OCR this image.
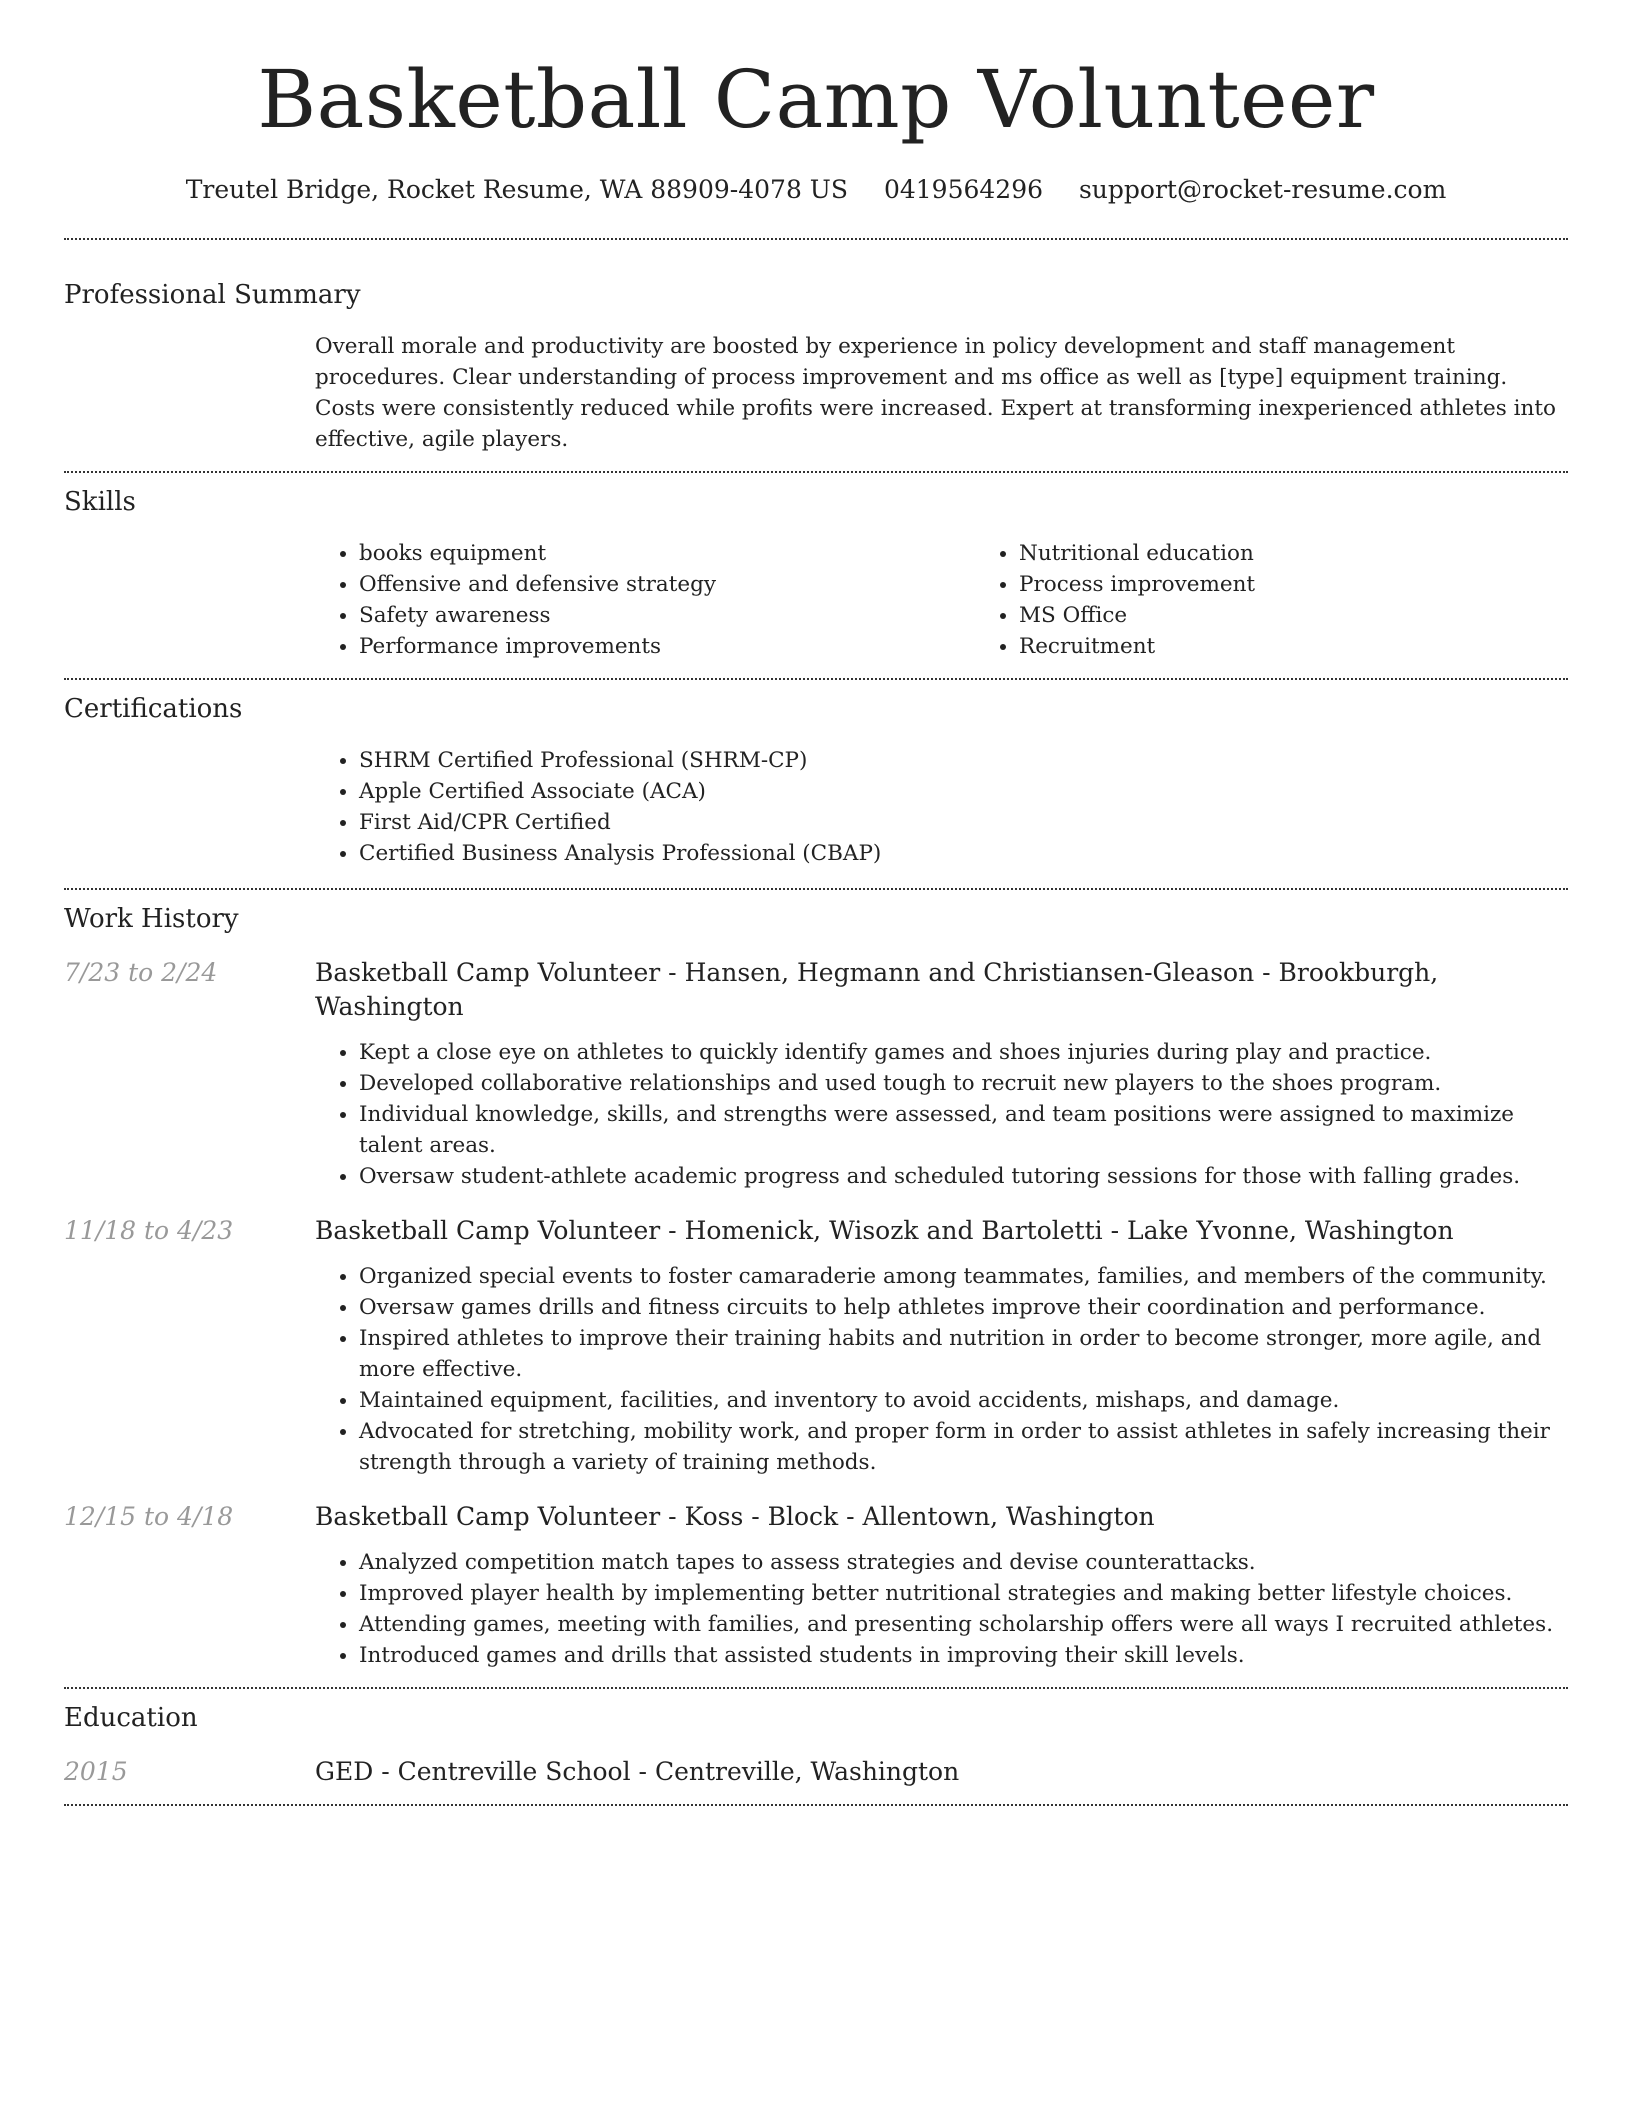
Basketball Camp Volunteer
Treutel Bridge, Rocket Resume, WA 88909-4078 US 0419564296 support@rocket-resume.com
Professional Summary
Overall morale and productivity are boosted by experience in policy development and staff management procedures. Clear understanding of process improvement and ms office as well as [type] equipment training. Costs were consistently reduced while profits were increased. Expert at transforming inexperienced athletes into effective, agile players.
Skills
• books equipment
• Offensive and defensive strategy
• Safety awareness
• Performance improvements
• Nutritional education
• Process improvement
• MS Office
• Recruitment
Certifications
• SHRM Certified Professional (SHRM-CP)
• Apple Certified Associate (ACA)
• First Aid/CPR Certified
• Certified Business Analysis Professional (CBAP)
Work History
7/23 to 2/24	Basketball Camp Volunteer - Hansen, Hegmann and Christiansen-Gleason - Brookburgh, Washington
• Kept a close eye on athletes to quickly identify games and shoes injuries during play and practice.
• Developed collaborative relationships and used tough to recruit new players to the shoes program.
• Individual knowledge, skills, and strengths were assessed, and team positions were assigned to maximize talent areas.
• Oversaw student-athlete academic progress and scheduled tutoring sessions for those with falling grades.
11/18 to 4/23	Basketball Camp Volunteer - Homenick, Wisozk and Bartoletti - Lake Yvonne, Washington
• Organized special events to foster camaraderie among teammates, families, and members of the community.
• Oversaw games drills and fitness circuits to help athletes improve their coordination and performance.
• Inspired athletes to improve their training habits and nutrition in order to become stronger, more agile, and more effective.
• Maintained equipment, facilities, and inventory to avoid accidents, mishaps, and damage.
• Advocated for stretching, mobility work, and proper form in order to assist athletes in safely increasing their strength through a variety of training methods.
12/15 to 4/18	Basketball Camp Volunteer - Koss - Block - Allentown, Washington
• Analyzed competition match tapes to assess strategies and devise counterattacks.
• Improved player health by implementing better nutritional strategies and making better lifestyle choices.
• Attending games, meeting with families, and presenting scholarship offers were all ways I recruited athletes.
• Introduced games and drills that assisted students in improving their skill levels.
Education
2015	GED - Centreville School - Centreville, Washington
